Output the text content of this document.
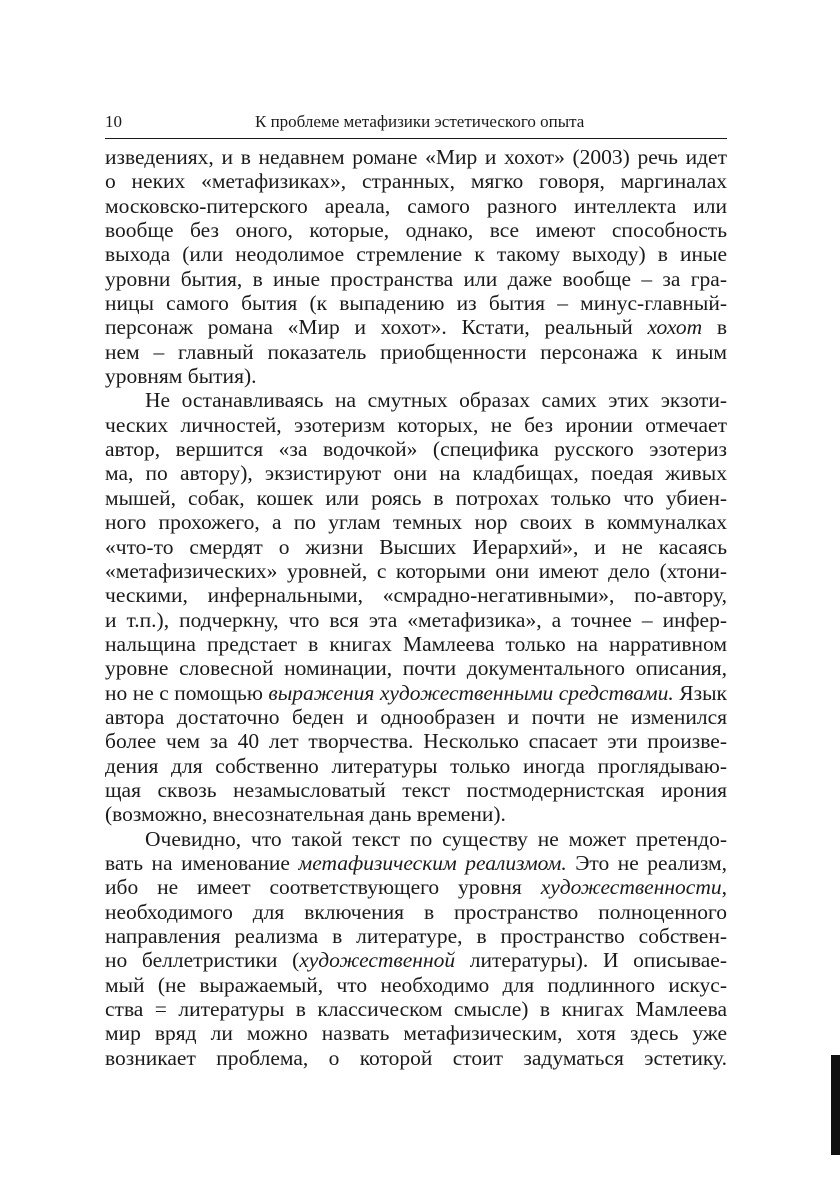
10	К проблеме метафизики эстетического опыта
изведениях, и в недавнем романе «Мир и хохот» (2003) речь идет
о неких «метафизиках», странных, мягко говоря, маргиналах
московско-питерского ареала, самого разного интеллекта или
вообще без оного, которые, однако, все имеют способность
выхода (или неодолимое стремление к такому выходу) в иные
уровни бытия, в иные пространства или даже вообще – за гра-
ницы самого бытия (к выпадению из бытия – минус-главный-
персонаж романа «Мир и хохот». Кстати, реальный хохот в
нем – главный показатель приобщенности персонажа к иным
уровням бытия).
Не останавливаясь на смутных образах самих этих экзоти-
ческих личностей, эзотеризм которых, не без иронии отмечает
автор, вершится «за водочкой» (специфика русского эзотериз
ма, по автору), экзистируют они на кладбищах, поедая живых
мышей, собак, кошек или роясь в потрохах только что убиен-
ного прохожего, а по углам темных нор своих в коммуналках
«что-то смердят о жизни Высших Иерархий», и не касаясь
«метафизических» уровней, с которыми они имеют дело (хтони-
ческими, инфернальными, «смрадно-негативными», по-автору,
и т.п.), подчеркну, что вся эта «метафизика», а точнее – инфер-
нальщина предстает в книгах Мамлеева только на нарративном
уровне словесной номинации, почти документального описания,
но не с помощью выражения художественными средствами. Язык
автора достаточно беден и однообразен и почти не изменился
более чем за 40 лет творчества. Несколько спасает эти произве-
дения для собственно литературы только иногда проглядываю-
щая сквозь незамысловатый текст постмодернистская ирония
(возможно, внесознательная дань времени).
Очевидно, что такой текст по существу не может претендо-
вать на именование метафизическим реализмом. Это не реализм,
ибо не имеет соответствующего уровня художественности,
необходимого для включения в пространство полноценного
направления реализма в литературе, в пространство собствен-
но беллетристики (художественной литературы). И описывае-
мый (не выражаемый, что необходимо для подлинного искус-
ства = литературы в классическом смысле) в книгах Мамлеева
мир вряд ли можно назвать метафизическим, хотя здесь уже
возникает проблема, о которой стоит задуматься эстетику.
